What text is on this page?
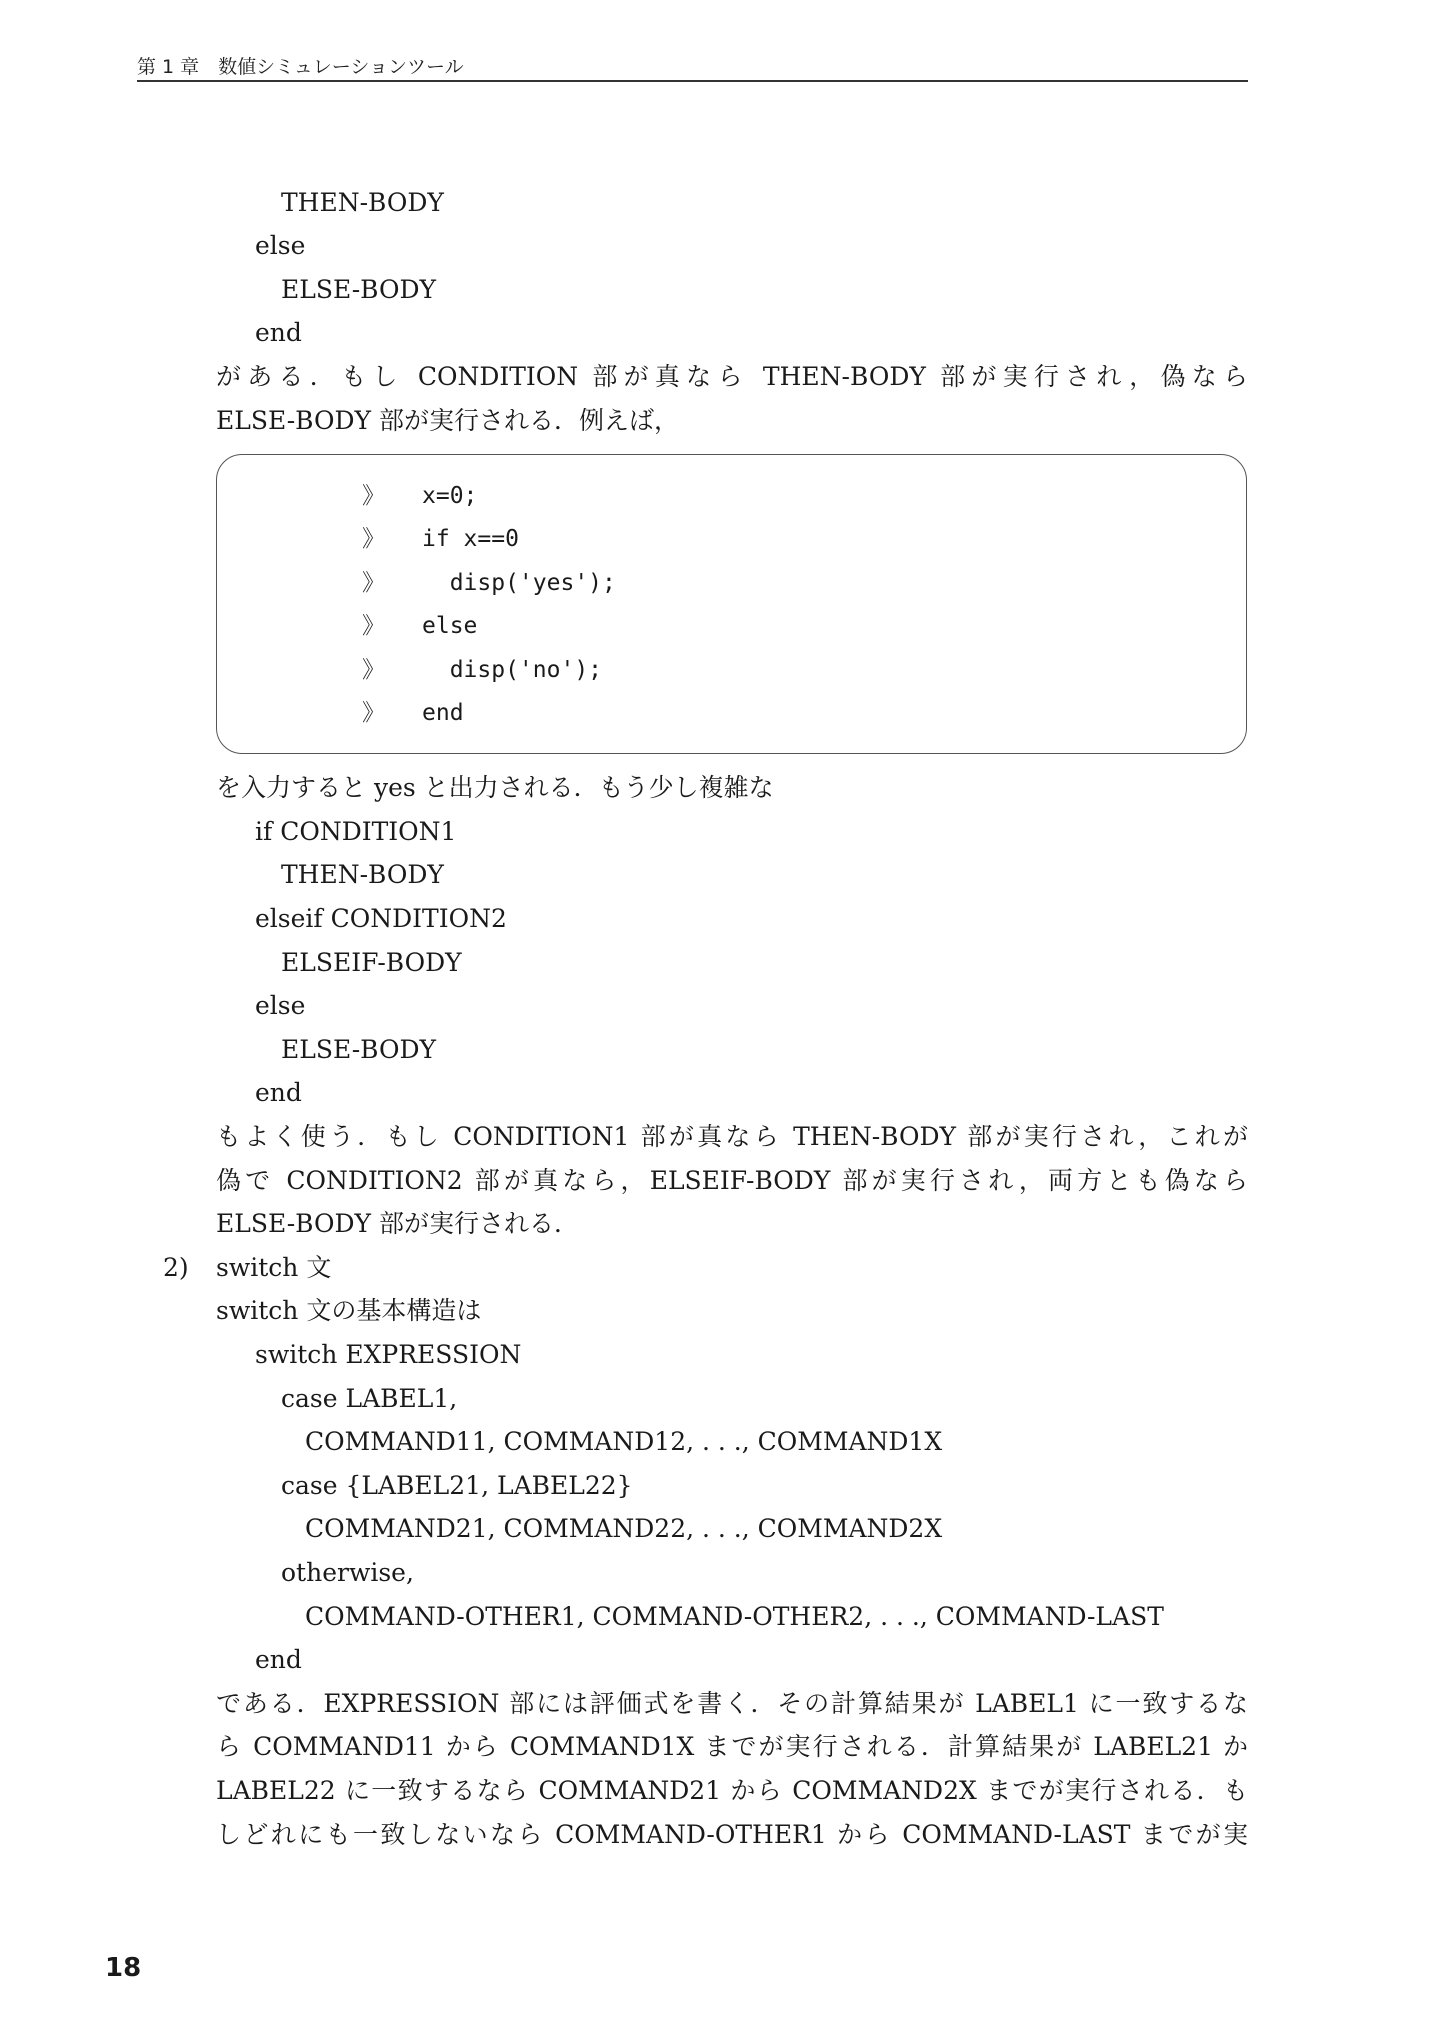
第 1 章　数値シミュレーションツール
THEN-BODY
else
ELSE-BODY
end
がある．もし CONDITION 部が真なら THEN-BODY 部が実行され，偽なら
ELSE-BODY 部が実行される．例えば，
》 x=0;
》 if x==0
》  disp('yes');
》 else
》  disp('no');
》 end
を入力すると yes と出力される．もう少し複雑な
if CONDITION1
THEN-BODY
elseif CONDITION2
ELSEIF-BODY
else
ELSE-BODY
end
もよく使う．もし CONDITION1 部が真なら THEN-BODY 部が実行され，これが
偽で CONDITION2 部が真なら，ELSEIF-BODY 部が実行され，両方とも偽なら
ELSE-BODY 部が実行される．
2) switch 文
switch 文の基本構造は
switch EXPRESSION
case LABEL1,
COMMAND11, COMMAND12, . . ., COMMAND1X
case {LABEL21, LABEL22}
COMMAND21, COMMAND22, . . ., COMMAND2X
otherwise,
COMMAND-OTHER1, COMMAND-OTHER2, . . ., COMMAND-LAST
end
である．EXPRESSION 部には評価式を書く．その計算結果が LABEL1 に一致するな
ら COMMAND11 から COMMAND1X までが実行される．計算結果が LABEL21 か
LABEL22 に一致するなら COMMAND21 から COMMAND2X までが実行される．も
しどれにも一致しないなら COMMAND-OTHER1 から COMMAND-LAST までが実
18
